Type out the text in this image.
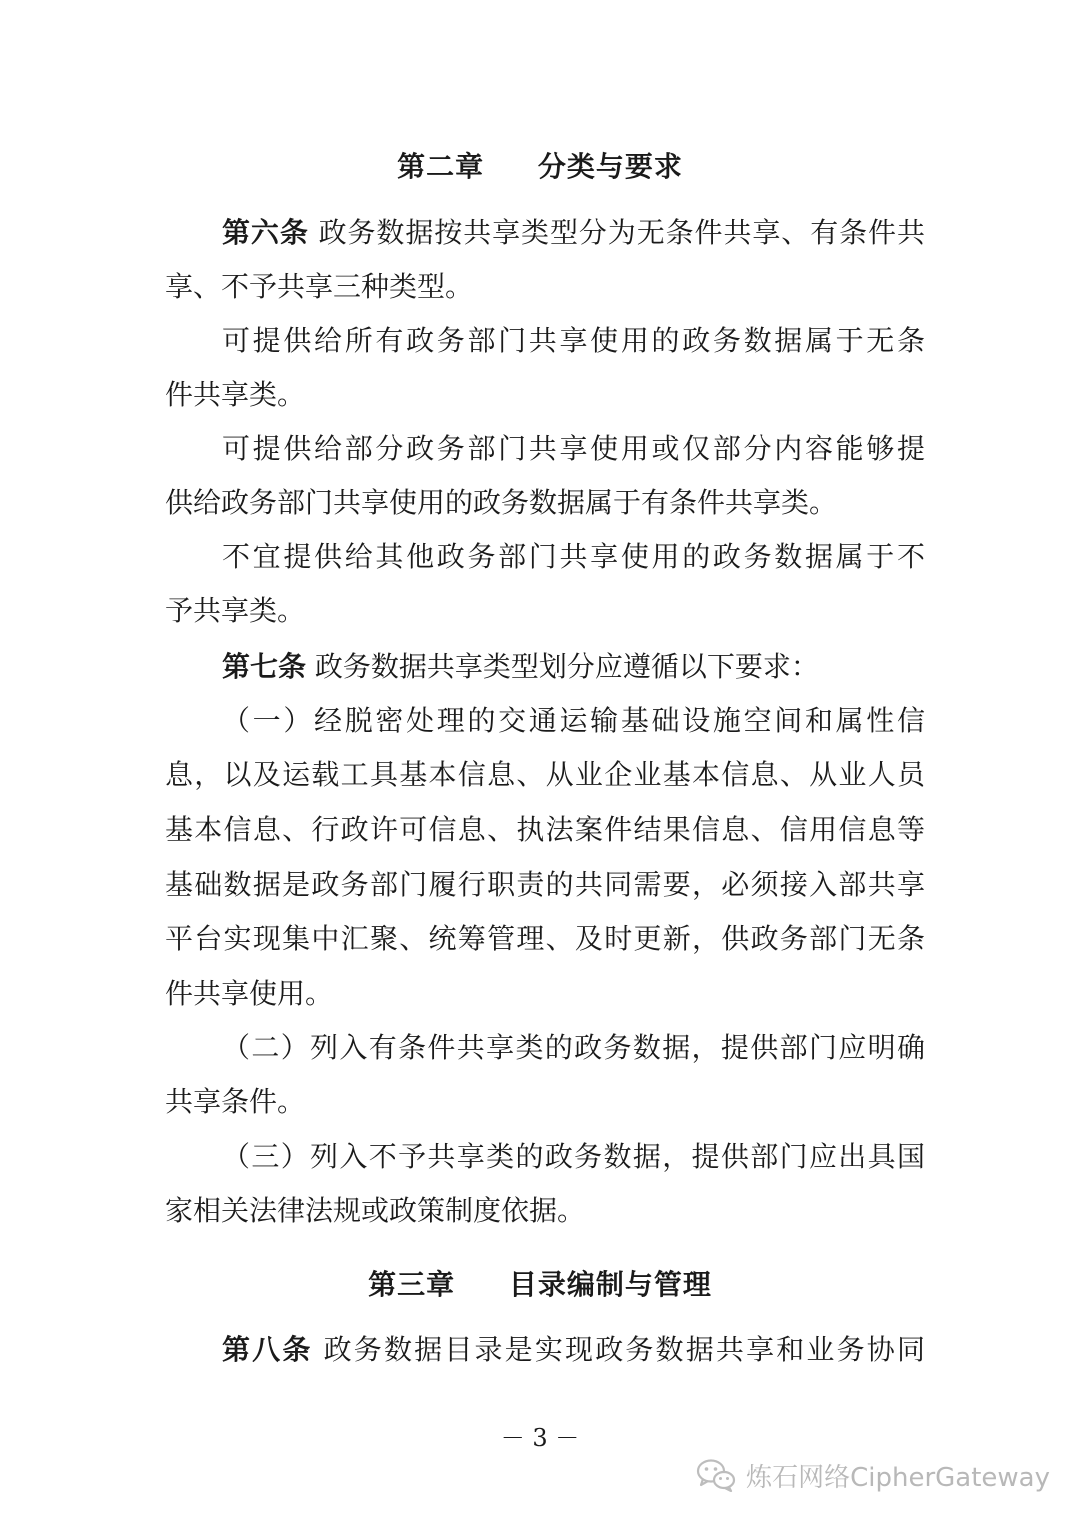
第二章     分类与要求
第六条 政务数据按共享类型分为无条件共享、有条件共
享、不予共享三种类型。
可提供给所有政务部门共享使用的政务数据属于无条
件共享类。
可提供给部分政务部门共享使用或仅部分内容能够提
供给政务部门共享使用的政务数据属于有条件共享类。
不宜提供给其他政务部门共享使用的政务数据属于不
予共享类。
第七条 政务数据共享类型划分应遵循以下要求：
（一）经脱密处理的交通运输基础设施空间和属性信
息，以及运载工具基本信息、从业企业基本信息、从业人员
基本信息、行政许可信息、执法案件结果信息、信用信息等
基础数据是政务部门履行职责的共同需要，必须接入部共享
平台实现集中汇聚、统筹管理、及时更新，供政务部门无条
件共享使用。
（二）列入有条件共享类的政务数据，提供部门应明确
共享条件。
（三）列入不予共享类的政务数据，提供部门应出具国
家相关法律法规或政策制度依据。
第三章     目录编制与管理
第八条 政务数据目录是实现政务数据共享和业务协同
－ 3 －
炼石网络CipherGateway
